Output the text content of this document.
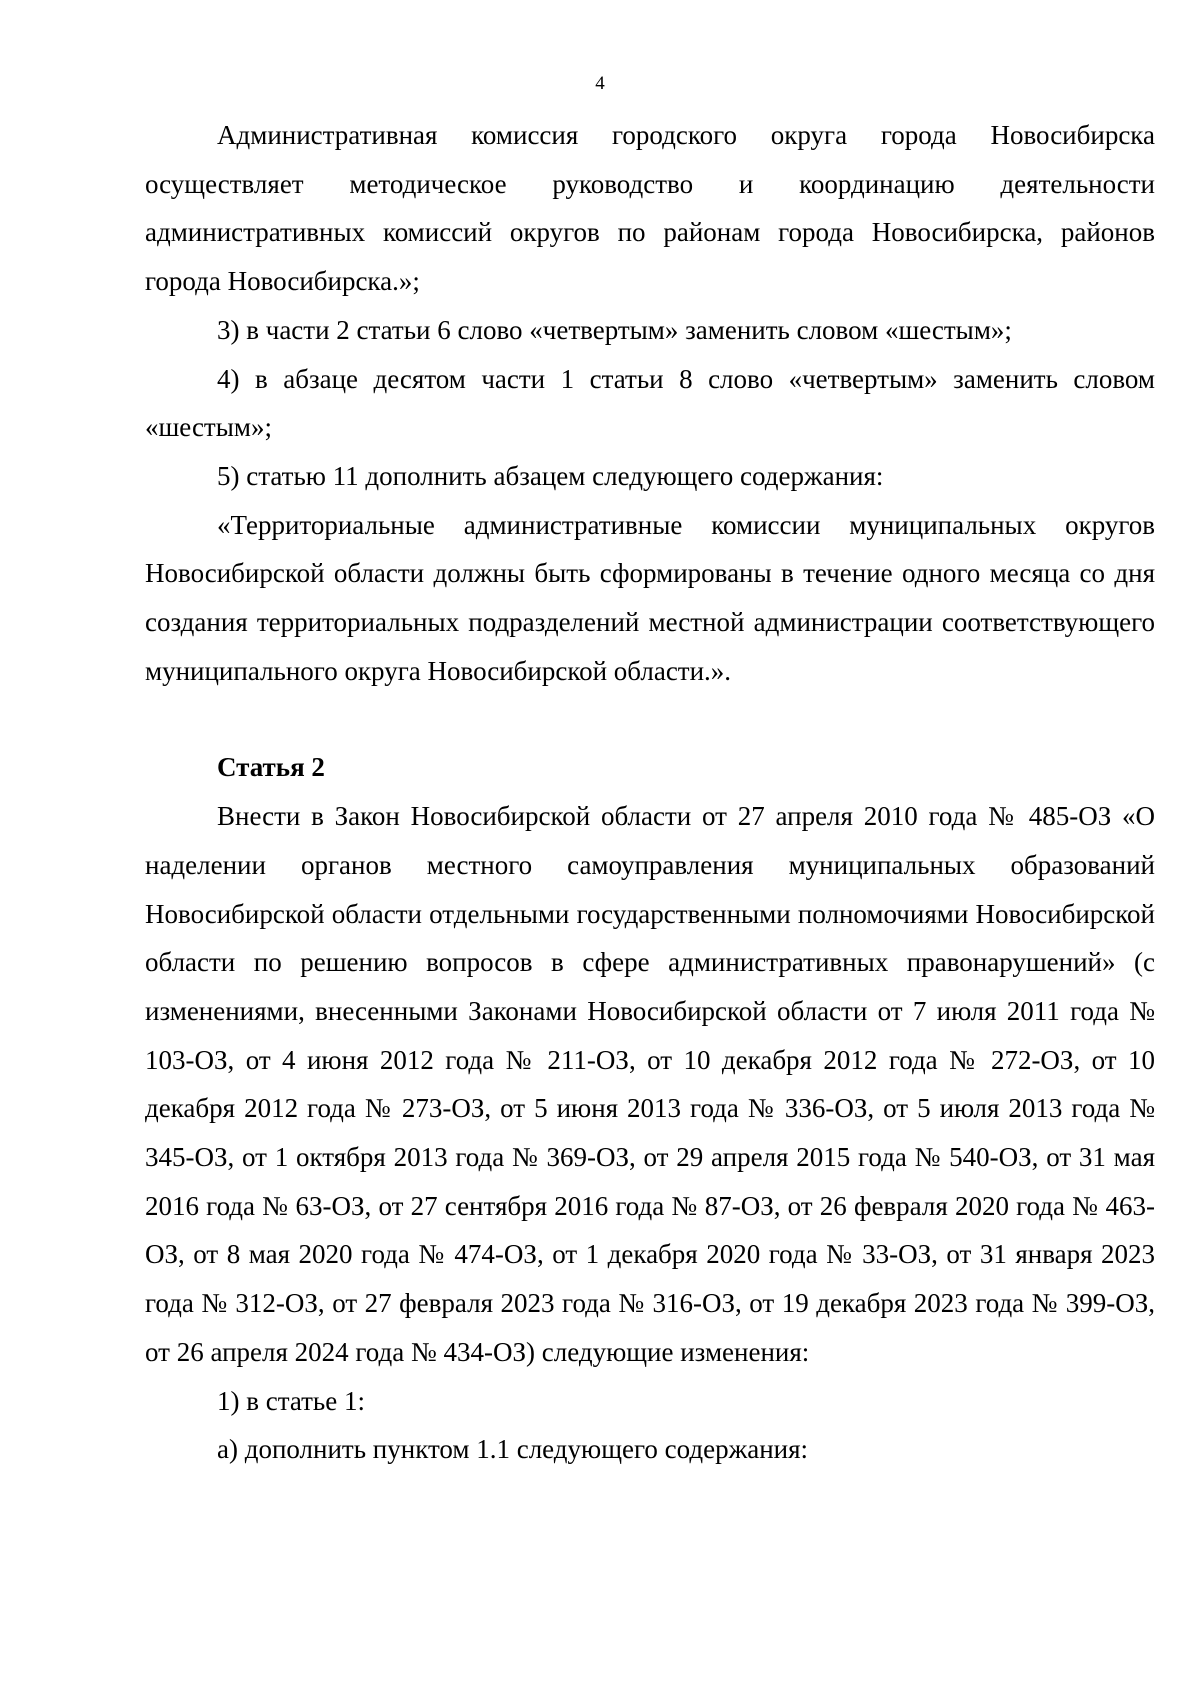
4

Административная комиссия городского округа города Новосибирска осуществляет методическое руководство и координацию деятельности административных комиссий округов по районам города Новосибирска, районов города Новосибирска.»;

3) в части 2 статьи 6 слово «четвертым» заменить словом «шестым»;

4) в абзаце десятом части 1 статьи 8 слово «четвертым» заменить словом «шестым»;

5) статью 11 дополнить абзацем следующего содержания:

«Территориальные административные комиссии муниципальных округов Новосибирской области должны быть сформированы в течение одного месяца со дня создания территориальных подразделений местной администрации соответствующего муниципального округа Новосибирской области.».

Статья 2

Внести в Закон Новосибирской области от 27 апреля 2010 года № 485-ОЗ «О наделении органов местного самоуправления муниципальных образований Новосибирской области отдельными государственными полномочиями Новосибирской области по решению вопросов в сфере административных правонарушений» (с изменениями, внесенными Законами Новосибирской области от 7 июля 2011 года № 103-ОЗ, от 4 июня 2012 года № 211-ОЗ, от 10 декабря 2012 года № 272-ОЗ, от 10 декабря 2012 года № 273-ОЗ, от 5 июня 2013 года № 336-ОЗ, от 5 июля 2013 года № 345-ОЗ, от 1 октября 2013 года № 369-ОЗ, от 29 апреля 2015 года № 540-ОЗ, от 31 мая 2016 года № 63-ОЗ, от 27 сентября 2016 года № 87-ОЗ, от 26 февраля 2020 года № 463-ОЗ, от 8 мая 2020 года № 474-ОЗ, от 1 декабря 2020 года № 33-ОЗ, от 31 января 2023 года № 312-ОЗ, от 27 февраля 2023 года № 316-ОЗ, от 19 декабря 2023 года № 399-ОЗ, от 26 апреля 2024 года № 434-ОЗ) следующие изменения:

1) в статье 1:

а) дополнить пунктом 1.1 следующего содержания:
